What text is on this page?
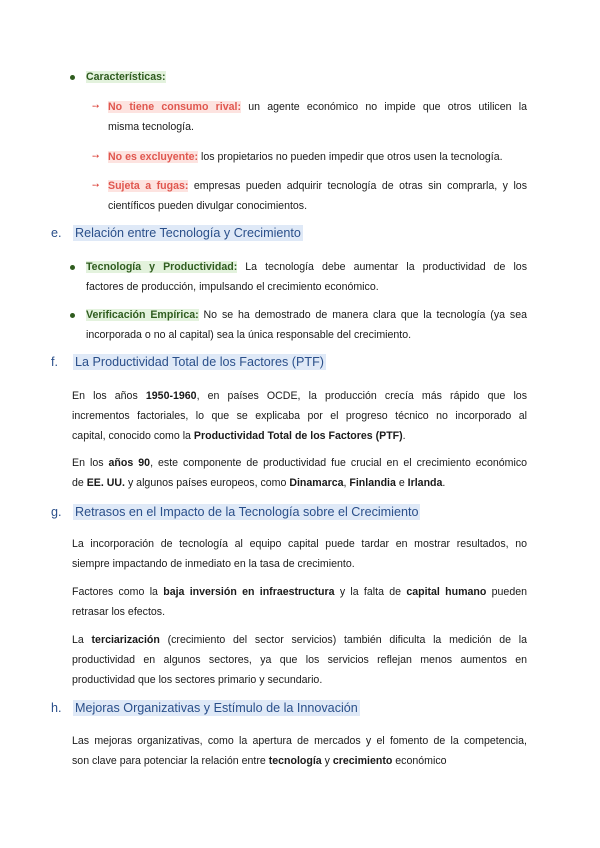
Características:
➙ No tiene consumo rival: un agente económico no impide que otros utilicen la
misma tecnología.
➙ No es excluyente: los propietarios no pueden impedir que otros usen la tecnología.
➙ Sujeta a fugas: empresas pueden adquirir tecnología de otras sin comprarla, y los
científicos pueden divulgar conocimientos.
e. Relación entre Tecnología y Crecimiento
Tecnología y Productividad: La tecnología debe aumentar la productividad de los
factores de producción, impulsando el crecimiento económico.
Verificación Empírica: No se ha demostrado de manera clara que la tecnología (ya sea
incorporada o no al capital) sea la única responsable del crecimiento.
f. La Productividad Total de los Factores (PTF)
En los años 1950-1960, en países OCDE, la producción crecía más rápido que los
incrementos factoriales, lo que se explicaba por el progreso técnico no incorporado al
capital, conocido como la Productividad Total de los Factores (PTF).
En los años 90, este componente de productividad fue crucial en el crecimiento económico
de EE. UU. y algunos países europeos, como Dinamarca, Finlandia e Irlanda.
g. Retrasos en el Impacto de la Tecnología sobre el Crecimiento
La incorporación de tecnología al equipo capital puede tardar en mostrar resultados, no
siempre impactando de inmediato en la tasa de crecimiento.
Factores como la baja inversión en infraestructura y la falta de capital humano pueden
retrasar los efectos.
La terciarización (crecimiento del sector servicios) también dificulta la medición de la
productividad en algunos sectores, ya que los servicios reflejan menos aumentos en
productividad que los sectores primario y secundario.
h. Mejoras Organizativas y Estímulo de la Innovación
Las mejoras organizativas, como la apertura de mercados y el fomento de la competencia,
son clave para potenciar la relación entre tecnología y crecimiento económico
